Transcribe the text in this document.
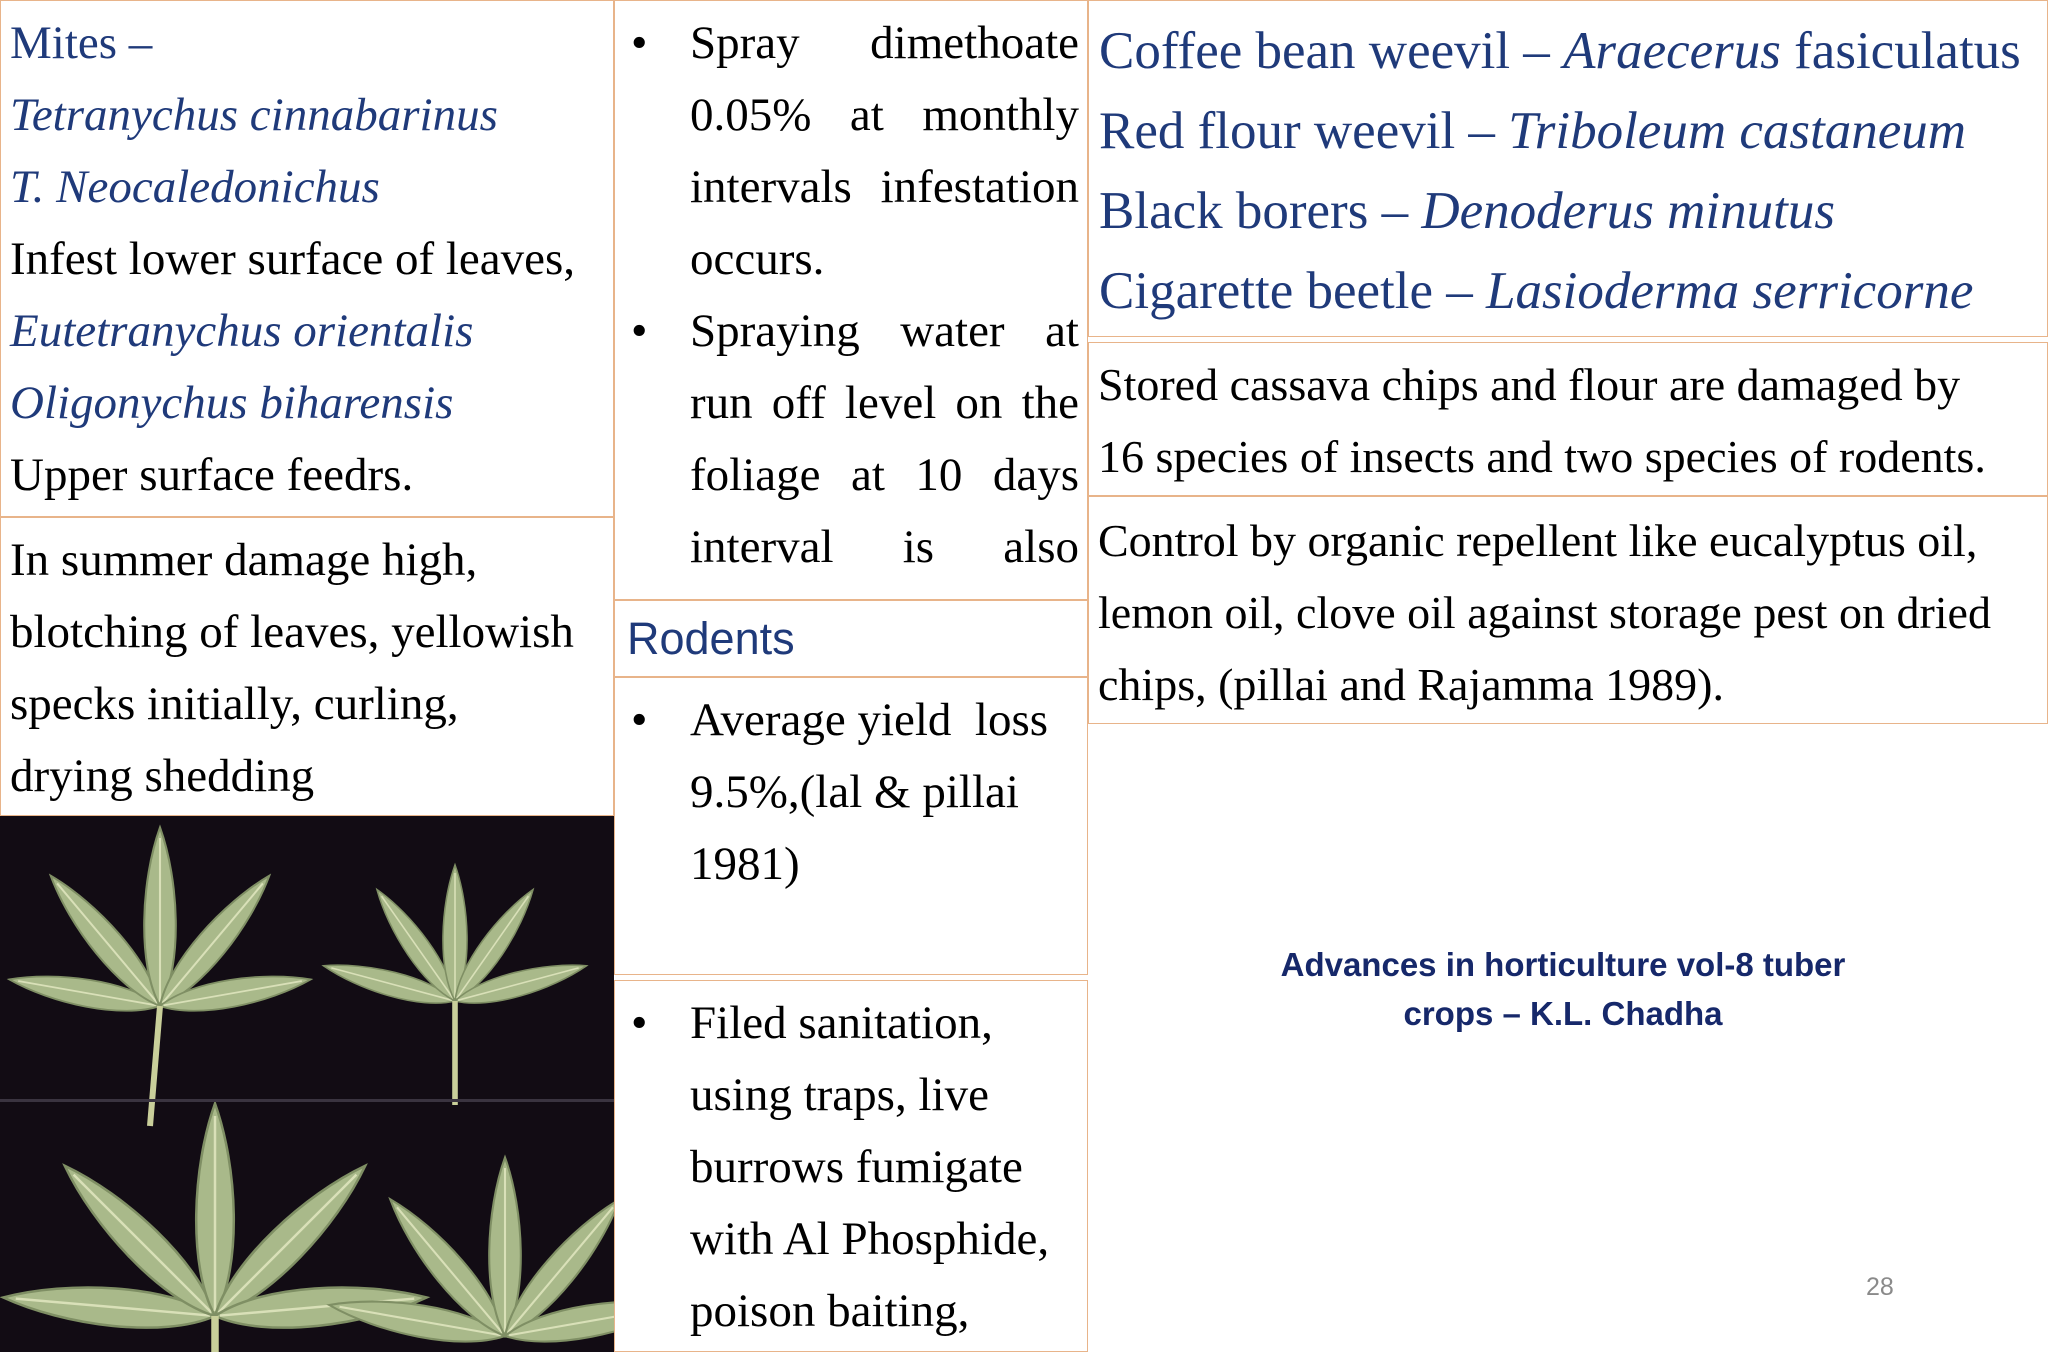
Mites –

Tetranychus cinnabarinus

T. Neocaledonichus

Infest lower surface of leaves,

Eutetranychus orientalis

Oligonychus biharensis

Upper surface feedrs.

In summer damage high,

blotching of leaves, yellowish

specks initially, curling,

drying shedding

• Spray dimethoate
0.05% at monthly
intervals infestation
occurs.
• Spraying water at
run off level on the
foliage at 10 days
interval is also

Rodents

• Average yield  loss
9.5%,(lal & pillai
1981)
• Filed sanitation,
using traps, live
burrows fumigate
with Al Phosphide,
poison baiting,

Coffee bean weevil – Araecerus fasiculatus

Red flour weevil – Triboleum castaneum

Black borers – Denoderus minutus

Cigarette beetle – Lasioderma serricorne

Stored cassava chips and flour are damaged by

16 species of insects and two species of rodents.

Control by organic repellent like eucalyptus oil,

lemon oil, clove oil against storage pest on dried

chips, (pillai and Rajamma 1989).

Advances in horticulture vol-8 tuber
crops – K.L. Chadha
28
